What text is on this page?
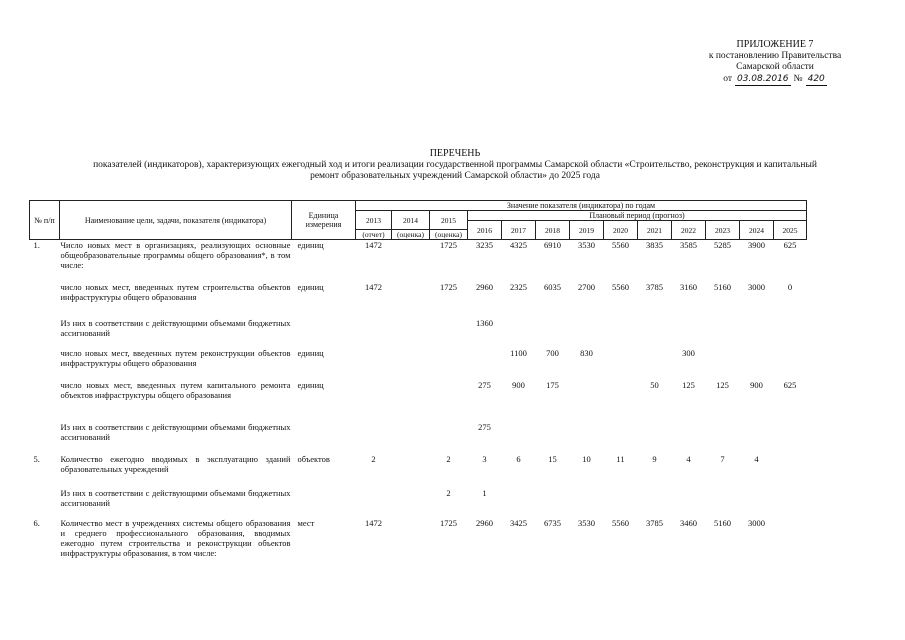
ПРИЛОЖЕНИЕ 7
к постановлению Правительства
Самарской области
от 03.08.2016 № 420
ПЕРЕЧЕНЬ
показателей (индикаторов), характеризующих ежегодный ход и итоги реализации государственной программы Самарской области «Строительство, реконструкция и капитальный
ремонт образовательных учреждений Самарской области» до 2025 года
№ п/п	Наименование цели, задачи, показателя (индикатора)	Единица измерения	Значение показателя (индикатора) по годам												
			2013	2014	2015	Плановый период (прогноз)									
						2016	2017	2018	2019	2020	2021	2022	2023	2024	2025
			(отчет)	(оценка)	(оценка)										
1.	Число новых мест в организациях, реализующих основные общеобразовательные программы общего образования*, в том числе:	единиц	1472		1725	3235	4325	6910	3530	5560	3835	3585	5285	3900	625
	число новых мест, введенных путем строительства объектов инфраструктуры общего образования	единиц	1472		1725	2960	2325	6035	2700	5560	3785	3160	5160	3000	0
	Из них в соответствии с действующими объемами бюджетных ассигнований					1360									
	число новых мест, введенных путем реконструкции объектов инфраструктуры общего образования	единиц					1100	700	830			300			
	число новых мест, введенных путем капитального ремонта объектов инфраструктуры общего образования	единиц				275	900	175			50	125	125	900	625
	Из них в соответствии с действующими объемами бюджетных ассигнований					275									
5.	Количество ежегодно вводимых в эксплуатацию зданий образовательных учреждений	объектов	2		2	3	6	15	10	11	9	4	7	4	
	Из них в соответствии с действующими объемами бюджетных ассигнований				2	1									
6.	Количество мест в учреждениях системы общего образования и среднего профессионального образования, вводимых ежегодно путем строительства и реконструкции объектов инфраструктуры образования, в том числе:	мест	1472		1725	2960	3425	6735	3530	5560	3785	3460	5160	3000	
